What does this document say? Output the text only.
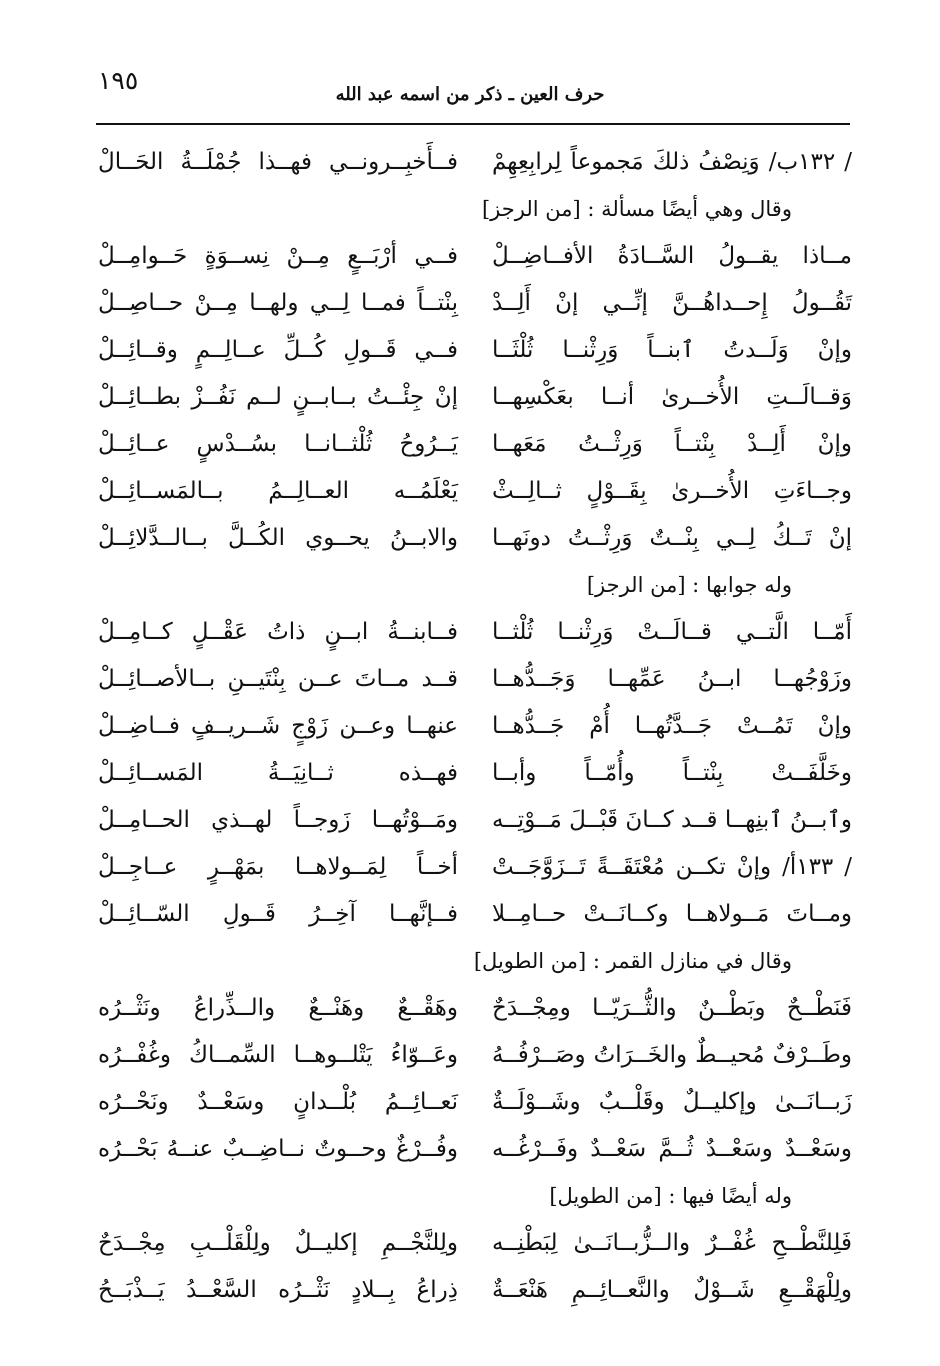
١٩٥	حرف العين ـ ذكر من اسمه عبد الله
/ ١٣٢ب/ وَنِصْفُ ذلكَ مَجموعاً لِرابِعِهِمْ
وقال وهي أيضًا مسألة : [من الرجز]
مــاذا يقــولُ السَّــادَةُ الأفــاضِــلْ
تَقُــولُ إِحــداهُــنَّ إنِّــي إنْ أَلِــدْ
وإنْ وَلَــدتُ ٱبنــاً وَرِثْنــا ثُلْثَــا
وَقــالَــتِ الأُخــرىٰ أنــا بعَكْسِهــا
وإنْ أَلِــدْ بِنْتــاً وَرِثْــتُ مَعَهــا
وجــاءَتِ الأُخــرىٰ بِقَــوْلٍ ثــالِــثْ
إنْ تَــكُ لِــي بِنْــتٌ وَرِثْــتُ دونَهــا
وله جوابها : [من الرجز]
أَمّــا الَّتــي قــالَــتْ وَرِثْنــا ثُلْثــا
وزَوْجُهــا ابــنُ عَمِّهــا وَجَــدُّهــا
وإنْ تَمُــتْ جَــدَّتُهــا أُمْ جَــدُّهــا
وخَلَّفَــتْ بِنْتــاً وأُمّــاً وأبــا
وٱبــنُ ٱبنِهــا قــد كــانَ قَبْــلَ مَــوْتِــه
/ ١٣٣أ/ وإنْ تكــن مُعْتَقَــةً تَــزَوَّجَــتْ
ومــاتَ مَــولاهــا وكــانَــتْ حــامِــلا
وقال في منازل القمر : [من الطويل]
فَنَطْــحٌ وبَطْــنٌ والثُّــرَيّــا ومِجْــدَحٌ
وطَــرْفٌ مُحيــطٌ والخَــرَاتُ وصَــرْفُــهُ
زَبــانَــىٰ وإكليــلٌ وقَلْــبٌ وشَــوْلَــةٌ
وسَعْــدٌ وسَعْــدٌ ثُــمَّ سَعْــدٌ وفَــرْغُــه
وله أيضًا فيها : [من الطويل]
فَلِلنَّطْــحِ غُفْــرٌ والــزُّبــانَــىٰ لِبَطْنِــه
ولِلْهَقْــعِ شَــوْلٌ والنَّعــائِــمِ هَنْعَــةٌ
فــأَخبِــرونــي فهــذا جُمْلَــةُ الحَــالْ
فــي أرْبَــعٍ مِــنْ نِســوَةٍ حَــوامِــلْ
بِنْتــاً فمــا لِــي ولهــا مِــنْ حــاصِــلْ
فــي قَــولِ كُــلِّ عــالِــمٍ وقــائِــلْ
إنْ جِئْــتُ بــابــنٍ لــم نَفُــزْ بطــائِــلْ
يَــرُوحُ ثُلْثــانــا بسُــدْسٍ عــائِــلْ
يَعْلَمُــه العــالِــمُ بــالمَســائِــلْ
والابــنُ يحــوي الكُــلَّ بــالــدَّلائِــلْ
فــابنــةُ ابــنٍ ذاتُ عَقْــلٍ كــامِــلْ
قــد مــاتَ عــن بِنْتَيــنِ بــالأصــائِــلْ
عنهــا وعــن زَوْجٍ شَــريــفٍ فــاضِــلْ
فهــذه ثــانِيَــةُ المَســائِــلْ
ومَــوْتُهــا زَوجــاً لهــذي الحــامِــلْ
أخــاً لِمَــولاهــا بمَهْــرٍ عــاجِــلْ
فــإنَّهــا آخِــرُ قَــولِ السّــائِــلْ
وهَقْــعٌ وهَنْــعٌ والــذِّراعُ ونَثْــرُه
وعَــوّاءُ يَتْلــوهــا السِّمــاكُ وغُفْــرُه
نَعــائِــمُ بُلْــدانٍ وسَعْــدٌ ونَحْــرُه
وفُــرْغٌ وحــوتٌ نــاضِــبٌ عنــهُ بَحْــرُه
ولِلنَّجْــمِ إكليــلٌ ولِلْقَلْــبِ مِجْــدَحٌ
ذِراعُ بِــلادٍ نَثْــرُه السَّعْــدُ يَــذْبَــحُ
